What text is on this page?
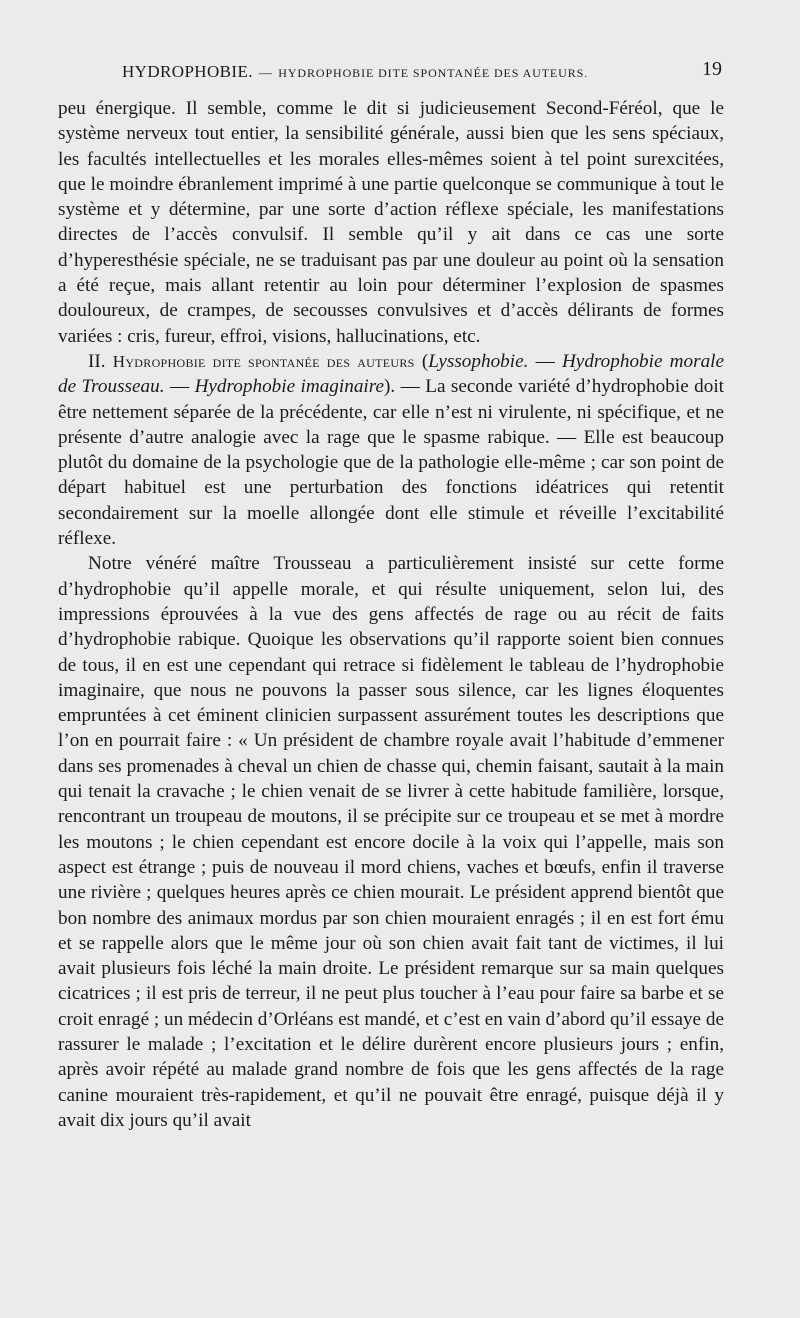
HYDROPHOBIE. — HYDROPHOBIE DITE SPONTANÉE DES AUTEURS.	19

peu énergique. Il semble, comme le dit si judicieusement Second-Féréol, que le système nerveux tout entier, la sensibilité générale, aussi bien que les sens spéciaux, les facultés intellectuelles et les morales elles-mêmes soient à tel point surexcitées, que le moindre ébranlement imprimé à une partie quelconque se communique à tout le système et y détermine, par une sorte d’action réflexe spéciale, les manifestations directes de l’accès convulsif. Il semble qu’il y ait dans ce cas une sorte d’hyperesthésie spéciale, ne se traduisant pas par une douleur au point où la sensation a été reçue, mais allant retentir au loin pour déterminer l’explosion de spasmes douloureux, de crampes, de secousses convulsives et d’accès délirants de formes variées : cris, fureur, effroi, visions, hallucinations, etc.

II. Hydrophobie dite spontanée des auteurs (Lyssophobie. — Hydrophobie morale de Trousseau. — Hydrophobie imaginaire). — La seconde variété d’hydrophobie doit être nettement séparée de la précédente, car elle n’est ni virulente, ni spécifique, et ne présente d’autre analogie avec la rage que le spasme rabique. — Elle est beaucoup plutôt du domaine de la psychologie que de la pathologie elle-même ; car son point de départ habituel est une perturbation des fonctions idéatrices qui retentit secondairement sur la moelle allongée dont elle stimule et réveille l’excitabilité réflexe.

Notre vénéré maître Trousseau a particulièrement insisté sur cette forme d’hydrophobie qu’il appelle morale, et qui résulte uniquement, selon lui, des impressions éprouvées à la vue des gens affectés de rage ou au récit de faits d’hydrophobie rabique. Quoique les observations qu’il rapporte soient bien connues de tous, il en est une cependant qui retrace si fidèlement le tableau de l’hydrophobie imaginaire, que nous ne pouvons la passer sous silence, car les lignes éloquentes empruntées à cet éminent clinicien surpassent assurément toutes les descriptions que l’on en pourrait faire : « Un président de chambre royale avait l’habitude d’emmener dans ses promenades à cheval un chien de chasse qui, chemin faisant, sautait à la main qui tenait la cravache ; le chien venait de se livrer à cette habitude familière, lorsque, rencontrant un troupeau de moutons, il se précipite sur ce troupeau et se met à mordre les moutons ; le chien cependant est encore docile à la voix qui l’appelle, mais son aspect est étrange ; puis de nouveau il mord chiens, vaches et bœufs, enfin il traverse une rivière ; quelques heures après ce chien mourait. Le président apprend bientôt que bon nombre des animaux mordus par son chien mouraient enragés ; il en est fort ému et se rappelle alors que le même jour où son chien avait fait tant de victimes, il lui avait plusieurs fois léché la main droite. Le président remarque sur sa main quelques cicatrices ; il est pris de terreur, il ne peut plus toucher à l’eau pour faire sa barbe et se croit enragé ; un médecin d’Orléans est mandé, et c’est en vain d’abord qu’il essaye de rassurer le malade ; l’excitation et le délire durèrent encore plusieurs jours ; enfin, après avoir répété au malade grand nombre de fois que les gens affectés de la rage canine mouraient très-rapidement, et qu’il ne pouvait être enragé, puisque déjà il y avait dix jours qu’il avait
